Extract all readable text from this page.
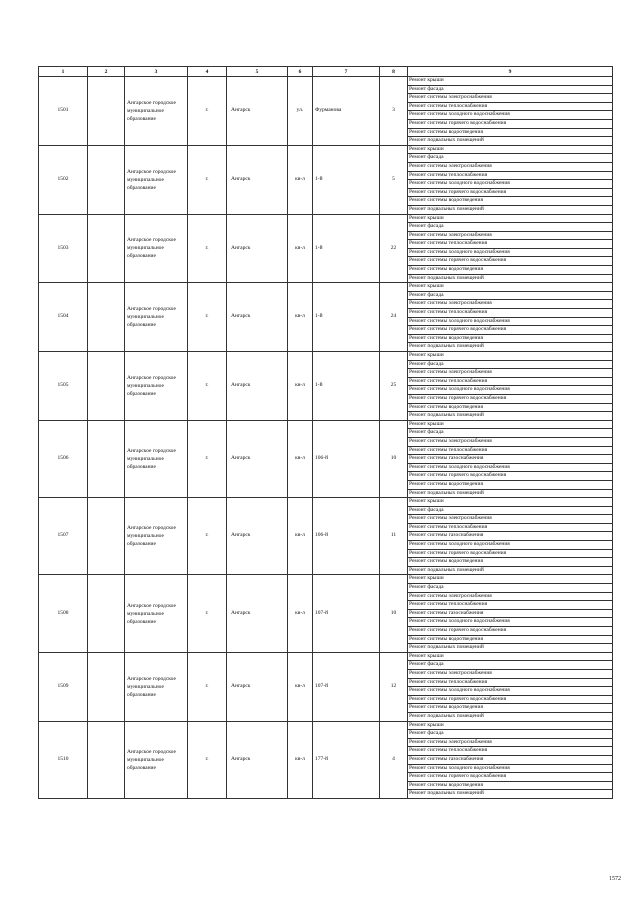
1	2	3	4	5	6	7	8	9
1501		Ангарское городское муниципальное образование	г.	Ангарск	ул.	Фурманова	3	Ремонт крыши
								Ремонт фасада
								Ремонт системы электроснабжения
								Ремонт системы теплоснабжения
								Ремонт системы холодного водоснабжения
								Ремонт системы горячего водоснабжения
								Ремонт системы водоотведения
								Ремонт подвальных помещений
1502		Ангарское городское муниципальное образование	г.	Ангарск	кв-л	1-й	5	Ремонт крыши
								Ремонт фасада
								Ремонт системы электроснабжения
								Ремонт системы теплоснабжения
								Ремонт системы холодного водоснабжения
								Ремонт системы горячего водоснабжения
								Ремонт системы водоотведения
								Ремонт подвальных помещений
1503		Ангарское городское муниципальное образование	г.	Ангарск	кв-л	1-й	22	Ремонт крыши
								Ремонт фасада
								Ремонт системы электроснабжения
								Ремонт системы теплоснабжения
								Ремонт системы холодного водоснабжения
								Ремонт системы горячего водоснабжения
								Ремонт системы водоотведения
								Ремонт подвальных помещений
1504		Ангарское городское муниципальное образование	г.	Ангарск	кв-л	1-й	24	Ремонт крыши
								Ремонт фасада
								Ремонт системы электроснабжения
								Ремонт системы теплоснабжения
								Ремонт системы холодного водоснабжения
								Ремонт системы горячего водоснабжения
								Ремонт системы водоотведения
								Ремонт подвальных помещений
1505		Ангарское городское муниципальное образование	г.	Ангарск	кв-л	1-й	25	Ремонт крыши
								Ремонт фасада
								Ремонт системы электроснабжения
								Ремонт системы теплоснабжения
								Ремонт системы холодного водоснабжения
								Ремонт системы горячего водоснабжения
								Ремонт системы водоотведения
								Ремонт подвальных помещений
1506		Ангарское городское муниципальное образование	г.	Ангарск	кв-л	106-й	10	Ремонт крыши
								Ремонт фасада
								Ремонт системы электроснабжения
								Ремонт системы теплоснабжения
								Ремонт системы газоснабжения
								Ремонт системы холодного водоснабжения
								Ремонт системы горячего водоснабжения
								Ремонт системы водоотведения
								Ремонт подвальных помещений
1507		Ангарское городское муниципальное образование	г.	Ангарск	кв-л	106-й	11	Ремонт крыши
								Ремонт фасада
								Ремонт системы электроснабжения
								Ремонт системы теплоснабжения
								Ремонт системы газоснабжения
								Ремонт системы холодного водоснабжения
								Ремонт системы горячего водоснабжения
								Ремонт системы водоотведения
								Ремонт подвальных помещений
1508		Ангарское городское муниципальное образование	г.	Ангарск	кв-л	107-й	10	Ремонт крыши
								Ремонт фасада
								Ремонт системы электроснабжения
								Ремонт системы теплоснабжения
								Ремонт системы газоснабжения
								Ремонт системы холодного водоснабжения
								Ремонт системы горячего водоснабжения
								Ремонт системы водоотведения
								Ремонт подвальных помещений
1509		Ангарское городское муниципальное образование	г.	Ангарск	кв-л	107-й	12	Ремонт крыши
								Ремонт фасада
								Ремонт системы электроснабжения
								Ремонт системы теплоснабжения
								Ремонт системы холодного водоснабжения
								Ремонт системы горячего водоснабжения
								Ремонт системы водоотведения
								Ремонт подвальных помещений
1510		Ангарское городское муниципальное образование	г.	Ангарск	кв-л	177-й	4	Ремонт крыши
								Ремонт фасада
								Ремонт системы электроснабжения
								Ремонт системы теплоснабжения
								Ремонт системы газоснабжения
								Ремонт системы холодного водоснабжения
								Ремонт системы горячего водоснабжения
								Ремонт системы водоотведения
								Ремонт подвальных помещений
1572
